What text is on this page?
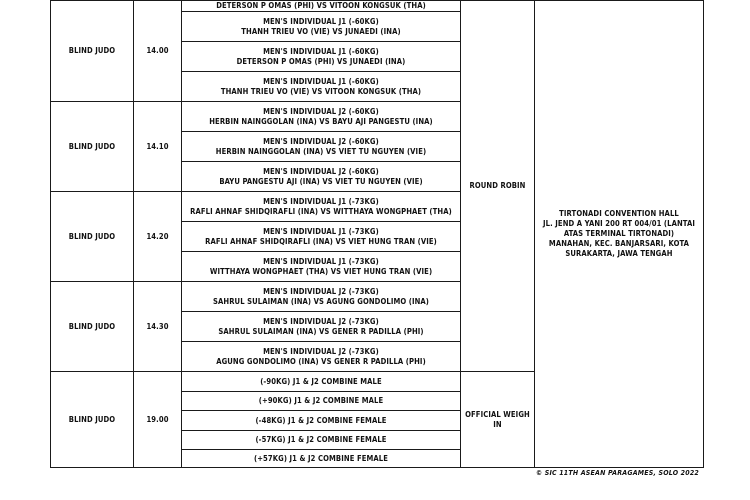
BLIND JUDO	14.00	DETERSON P OMAS (PHI) VS VITOON KONGSUK (THA)	ROUND ROBIN	TIRTONADI CONVENTION HALL
JL. JEND A YANI 200 RT 004/01 (LANTAI ATAS TERMINAL TIRTONADI) MANAHAN, KEC. BANJARSARI, KOTA SURAKARTA, JAWA TENGAH

		MEN'S INDIVIDUAL J1 (-60KG)
THANH TRIEU VO (VIE) VS JUNAEDI (INA)		

		MEN'S INDIVIDUAL J1 (-60KG)
DETERSON P OMAS (PHI) VS JUNAEDI (INA)		

		MEN'S INDIVIDUAL J1 (-60KG)
THANH TRIEU VO (VIE) VS VITOON KONGSUK (THA)		

BLIND JUDO	14.10	MEN'S INDIVIDUAL J2 (-60KG)
HERBIN NAINGGOLAN (INA) VS BAYU AJI PANGESTU (INA)		

		MEN'S INDIVIDUAL J2 (-60KG)
HERBIN NAINGGOLAN (INA) VS VIET TU NGUYEN (VIE)		

		MEN'S INDIVIDUAL J2 (-60KG)
BAYU PANGESTU AJI (INA) VS VIET TU NGUYEN (VIE)		

BLIND JUDO	14.20	MEN'S INDIVIDUAL J1 (-73KG)
RAFLI AHNAF SHIDQIRAFLI (INA) VS WITTHAYA WONGPHAET (THA)		

		MEN'S INDIVIDUAL J1 (-73KG)
RAFLI AHNAF SHIDQIRAFLI (INA) VS VIET HUNG TRAN (VIE)		

		MEN'S INDIVIDUAL J1 (-73KG)
WITTHAYA WONGPHAET (THA) VS VIET HUNG TRAN (VIE)		

BLIND JUDO	14.30	MEN'S INDIVIDUAL J2 (-73KG)
SAHRUL SULAIMAN (INA) VS AGUNG GONDOLIMO (INA)		

		MEN'S INDIVIDUAL J2 (-73KG)
SAHRUL SULAIMAN (INA) VS GENER R PADILLA (PHI)		

		MEN'S INDIVIDUAL J2 (-73KG)
AGUNG GONDOLIMO (INA) VS GENER R PADILLA (PHI)		

BLIND JUDO	19.00	(-90KG) J1 & J2 COMBINE MALE	OFFICIAL WEIGH IN	
		(+90KG) J1 & J2 COMBINE MALE		
		(-48KG) J1 & J2 COMBINE FEMALE		
		(-57KG) J1 & J2 COMBINE FEMALE		
		(+57KG) J1 & J2 COMBINE FEMALE		
© SIC 11TH ASEAN PARAGAMES, SOLO 2022
